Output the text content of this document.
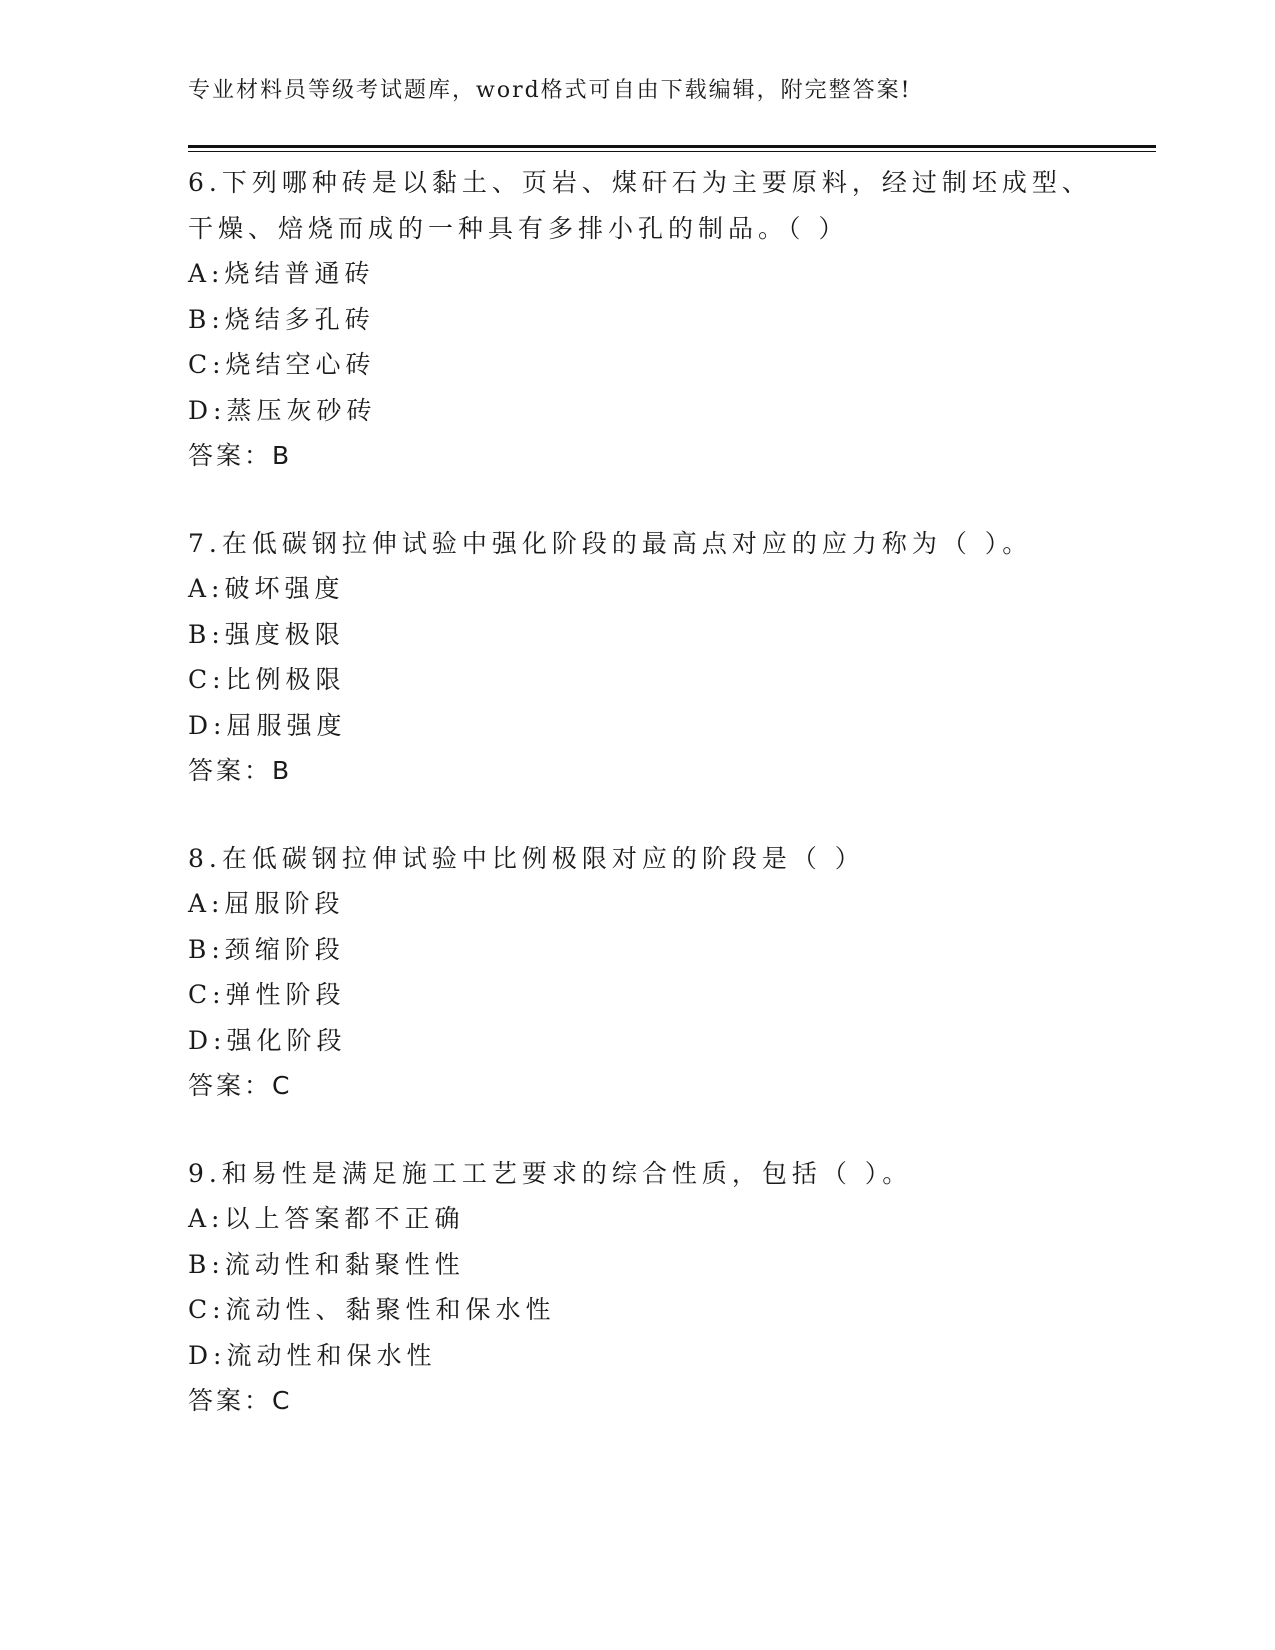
专业材料员等级考试题库，word格式可自由下载编辑，附完整答案!
6.下列哪种砖是以黏土、页岩、煤矸石为主要原料，经过制坯成型、
干燥、焙烧而成的一种具有多排小孔的制品。（ ）
A:烧结普通砖
B:烧结多孔砖
C:烧结空心砖
D:蒸压灰砂砖
答案：B
7.在低碳钢拉伸试验中强化阶段的最高点对应的应力称为（ ）。
A:破坏强度
B:强度极限
C:比例极限
D:屈服强度
答案：B
8.在低碳钢拉伸试验中比例极限对应的阶段是（ ）
A:屈服阶段
B:颈缩阶段
C:弹性阶段
D:强化阶段
答案：C
9.和易性是满足施工工艺要求的综合性质，包括（ ）。
A:以上答案都不正确
B:流动性和黏聚性性
C:流动性、黏聚性和保水性
D:流动性和保水性
答案：C
